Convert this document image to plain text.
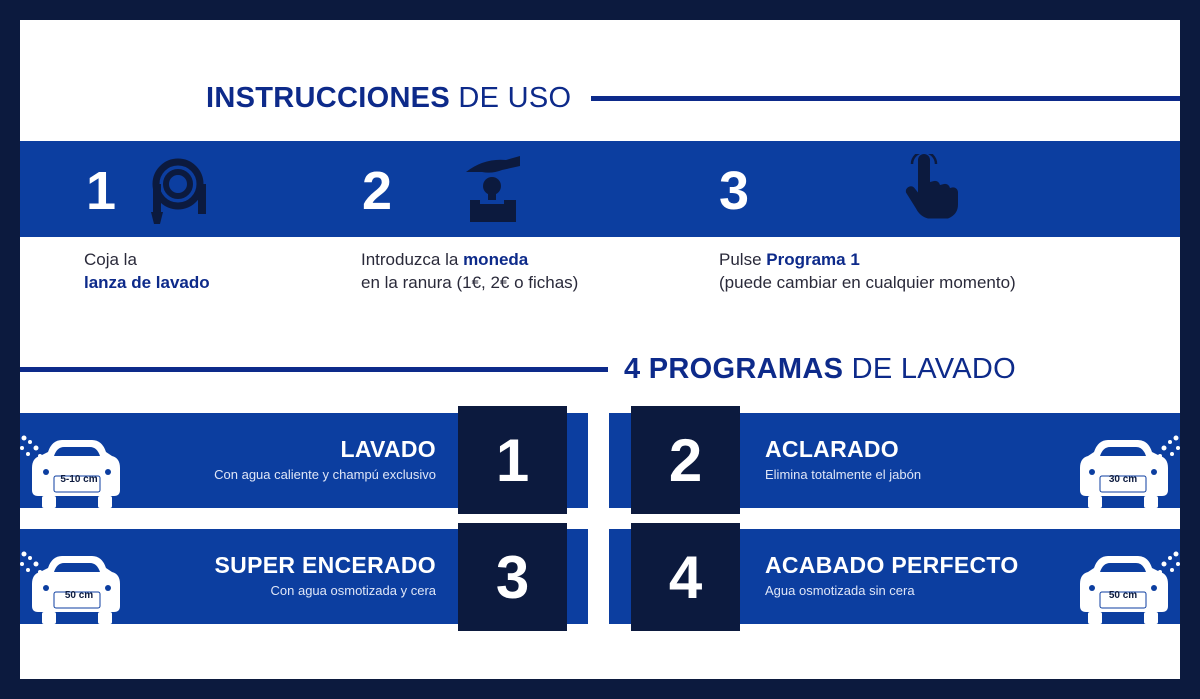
INSTRUCCIONES DE USO
1	2	3
Coja la
lanza de lavado
Introduzca la moneda
en la ranura (1€, 2€ o fichas)
Pulse Programa 1
(puede cambiar en cualquier momento)
4 PROGRAMAS DE LAVADO
1	2
3	4
LAVADO
Con agua caliente y champú exclusivo
ACLARADO
Elimina totalmente el jabón
SUPER ENCERADO
Con agua osmotizada y cera
ACABADO PERFECTO
Agua osmotizada sin cera
5-10 cm
50 cm
30 cm
50 cm
